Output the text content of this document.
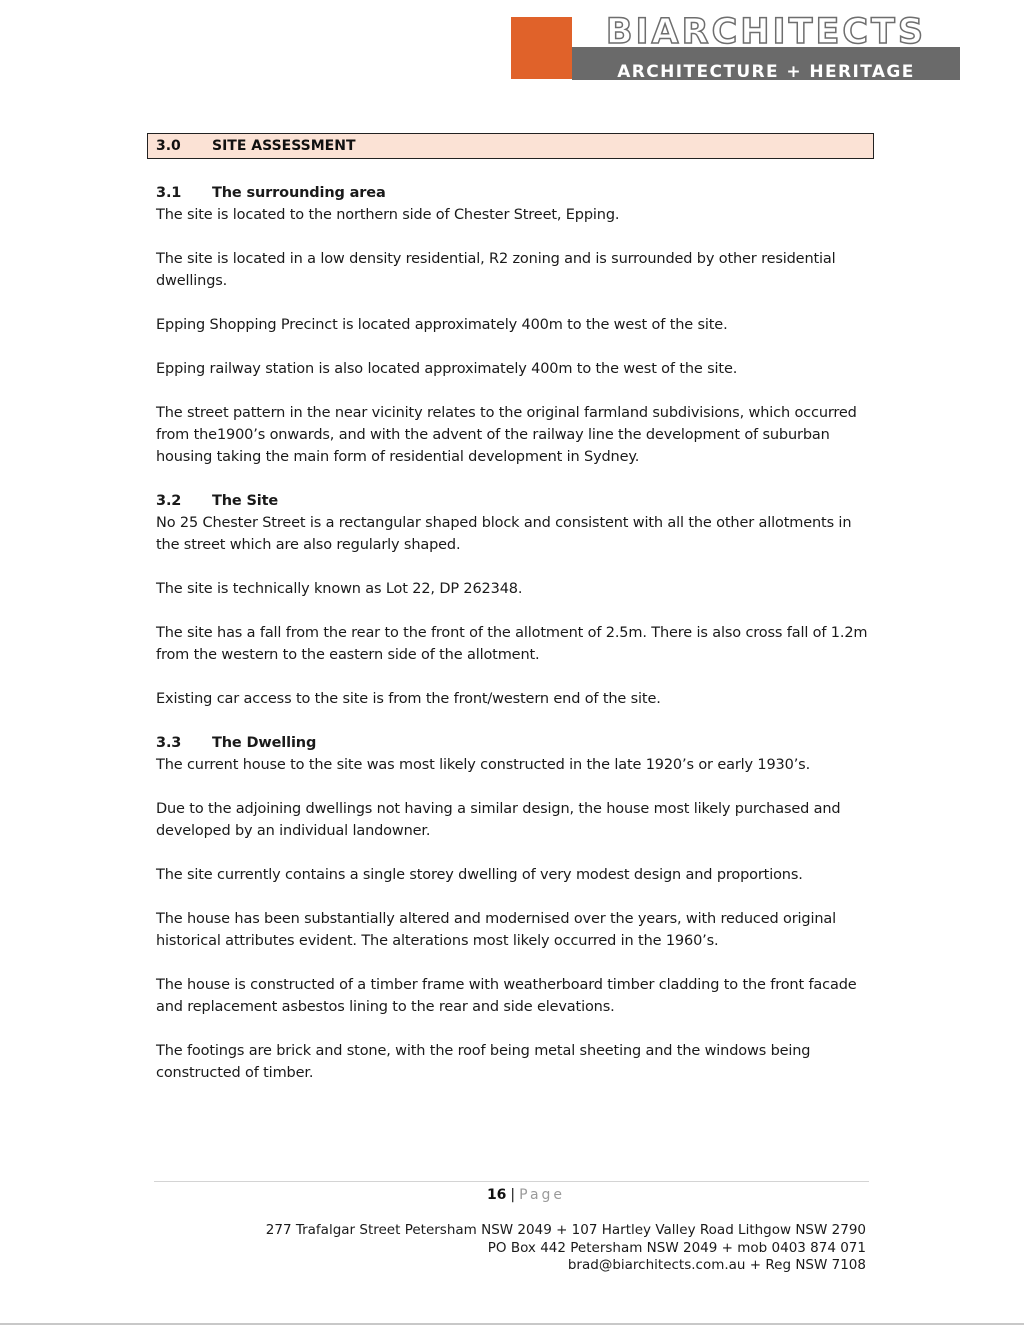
BIARCHITECTS
ARCHITECTURE + HERITAGE
3.0 SITE ASSESSMENT
3.1 The surrounding area

The site is located to the northern side of Chester Street, Epping.

The site is located in a low density residential, R2 zoning and is surrounded by other residential dwellings.

Epping Shopping Precinct is located approximately 400m to the west of the site.

Epping railway station is also located approximately 400m to the west of the site.

The street pattern in the near vicinity relates to the original farmland subdivisions, which occurred from the1900’s onwards, and with the advent of the railway line the development of suburban housing taking the main form of residential development in Sydney.

3.2 The Site

No 25 Chester Street is a rectangular shaped block and consistent with all the other allotments in the street which are also regularly shaped.

The site is technically known as Lot 22, DP 262348.

The site has a fall from the rear to the front of the allotment of 2.5m. There is also cross fall of 1.2m from the western to the eastern side of the allotment.

Existing car access to the site is from the front/western end of the site.

3.3 The Dwelling

The current house to the site was most likely constructed in the late 1920’s or early 1930’s.

Due to the adjoining dwellings not having a similar design, the house most likely purchased and developed by an individual landowner.

The site currently contains a single storey dwelling of very modest design and proportions.

The house has been substantially altered and modernised over the years, with reduced original historical attributes evident. The alterations most likely occurred in the 1960’s.

The house is constructed of a timber frame with weatherboard timber cladding to the front facade and replacement asbestos lining to the rear and side elevations.

The footings are brick and stone, with the roof being metal sheeting and the windows being constructed of timber.

16 | Page
277 Trafalgar Street Petersham NSW 2049 + 107 Hartley Valley Road Lithgow NSW 2790
PO Box 442 Petersham NSW 2049 + mob 0403 874 071
brad@biarchitects.com.au + Reg NSW 7108
